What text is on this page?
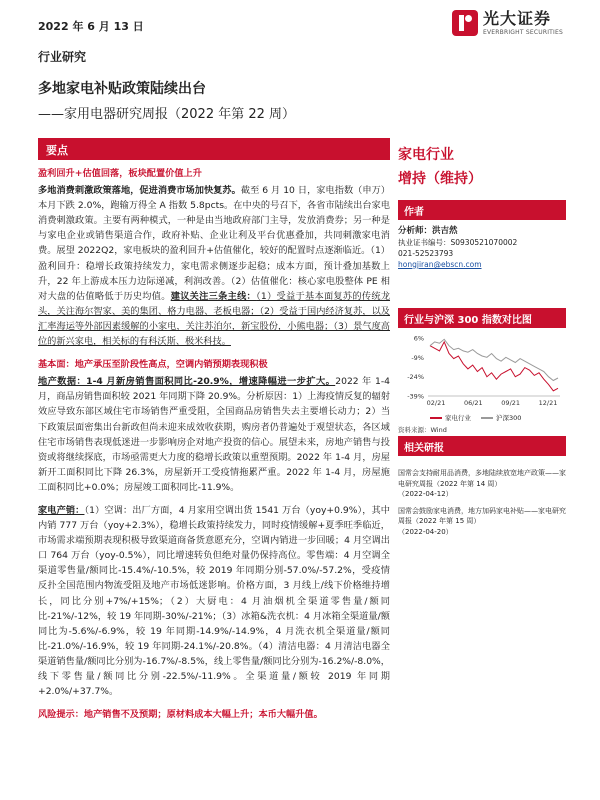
2022 年 6 月 13 日	光大证券
EVERBRIGHT SECURITIES
行业研究
多地家电补贴政策陆续出台
——家用电器研究周报（2022 年第 22 周）
要点
盈利回升+估值回落，板块配置价值上升

多地消费刺激政策落地，促进消费市场加快复苏。截至 6 月 10 日，家电指数（申万）本月下跌 2.0%，跑输万得全 A 指数 5.8pcts。在中央的号召下，各省市陆续出台家电消费刺激政策。主要有两种模式，一种是由当地政府部门主导，发放消费券；另一种是与家电企业或销售渠道合作，政府补贴、企业让利及平台优惠叠加，共同刺激家电消费。展望 2022Q2，家电板块的盈利回升+估值催化，较好的配置时点逐渐临近。（1）盈利回升：稳增长政策持续发力，家电需求侧逐步起稳；成本方面，预计叠加基数上升，22 年上游成本压力边际递减，利润改善。（2）估值催化：核心家电股整体 PE 相对大盘的估值略低于历史均值。建议关注三条主线：（1）受益于基本面复苏的传统龙头，关注海尔智家、美的集团、格力电器、老板电器；（2）受益于国内经济复苏，以及汇率海运等外部因素缓解的小家电，关注苏泊尔，新宝股份，小熊电器；（3）景气度高位的新兴家电，相关标的有科沃斯、极米科技。

基本面：地产承压至阶段性高点，空调内销预期表现积极

地产数据：1-4 月新房销售面积同比-20.9%，增速降幅进一步扩大。2022 年 1-4 月，商品房销售面积较 2021 年同期下降 20.9%。分析原因：1）上海疫情反复的辐射效应导致东部区域住宅市场销售严重受阻，全国商品房销售失去主要增长动力；2）当下政策层面密集出台新政但尚未迎来成效收获期，购房者仍普遍处于观望状态，各区域住宅市场销售表现低迷进一步影响房企对地产投资的信心。展望未来，房地产销售与投资或将继续探底，市场亟需更大力度的稳增长政策以重塑预期。2022 年 1-4 月，房屋新开工面积同比下降 26.3%，房屋新开工受疫情拖累严重。2022 年 1-4 月，房屋施工面积同比+0.0%；房屋竣工面积同比-11.9%。

家电产销：（1）空调：出厂方面，4 月家用空调出货 1541 万台（yoy+0.9%），其中内销 777 万台（yoy+2.3%），稳增长政策持续发力，同时疫情缓解+夏季旺季临近，市场需求端预期表现积极导致渠道商备货意愿充分，空调内销进一步回暖；4 月空调出口 764 万台（yoy-0.5%），同比增速转负但绝对量仍保持高位。零售端：4 月空调全渠道零售量/额同比-15.4%/-10.5%，较 2019 年同期分别-57.0%/-57.2%，受疫情反扑全国范围内物流受阻及地产市场低迷影响。价格方面，3 月线上/线下价格维持增长，同比分别+7%/+15%；（2）大厨电：4 月油烟机全渠道零售量/额同比-21%/-12%，较 19 年同期-30%/-21%；（3）冰箱&洗衣机：4 月冰箱全渠道量/额同比为-5.6%/-6.9%，较 19 年同期-14.9%/-14.9%，4 月洗衣机全渠道量/额同比-21.0%/-16.9%，较 19 年同期-24.1%/-20.8%。（4）清洁电器：4 月清洁电器全渠道销售量/额同比分别为-16.7%/-8.5%，线上零售量/额同比分别为-16.2%/-8.0%，线下零售量/额同比分别-22.5%/-11.9%。全渠道量/额较 2019 年同期+2.0%/+37.7%。

风险提示：地产销售不及预期；原材料成本大幅上升；本币大幅升值。
家电行业
增持（维持）
作者
分析师：洪吉然
执业证书编号：S0930521070002
021-52523793
hongjiran@ebscn.com
行业与沪深 300 指数对比图
6%
-9%
-24%
-39%
02/21	06/21	09/21	12/21
家电行业	沪深300
资料来源：Wind
相关研报
国常会支持耐用品消费，多地陆续放宽地产政策——家电研究周报（2022 年第 14 周）
（2022-04-12）
国常会鼓励家电消费，地方加码家电补贴——家电研究周报（2022 年第 15 周）
（2022-04-20）
